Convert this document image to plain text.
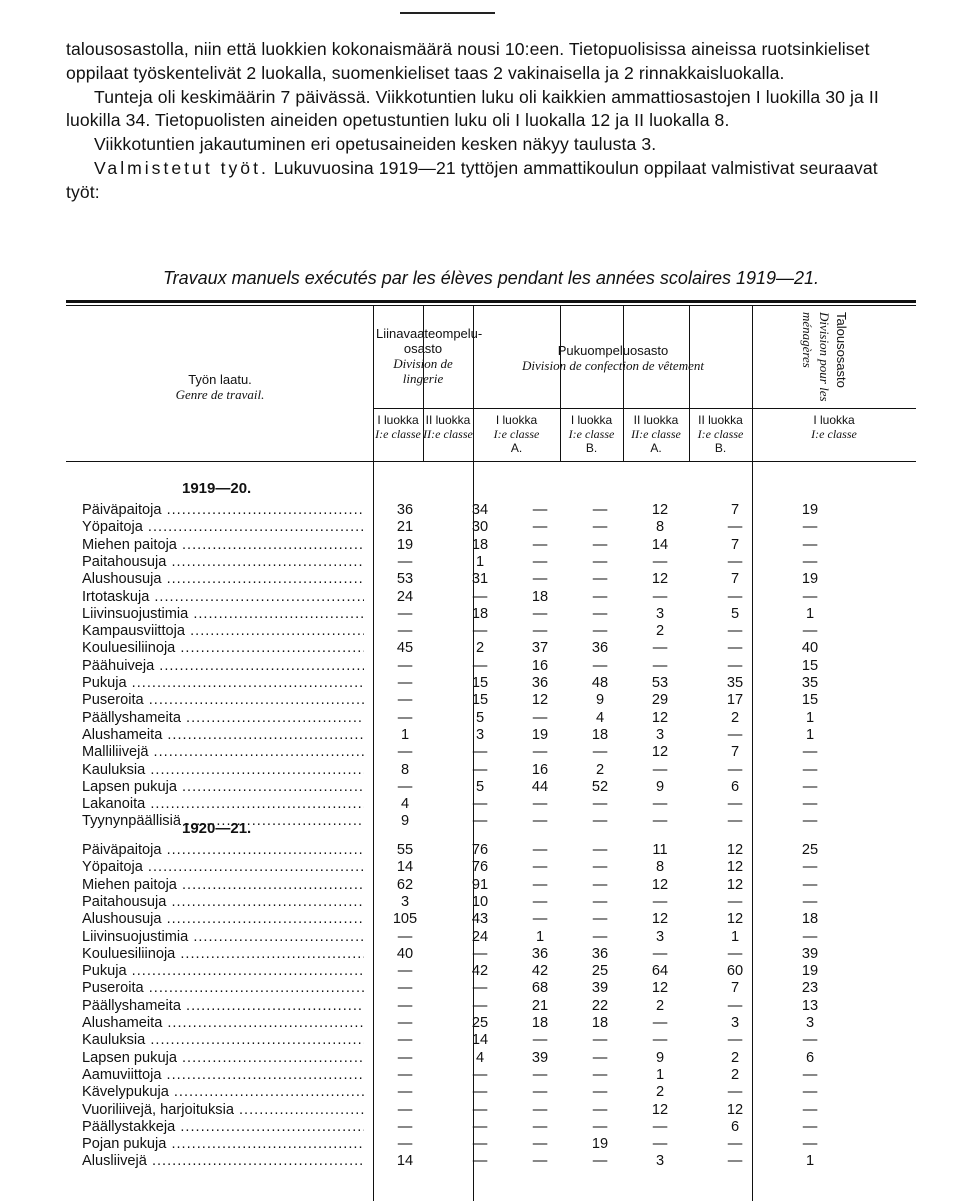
talousosastolla, niin että luokkien kokonaismäärä nousi 10:een. Tietopuolisissa aineissa ruotsinkieliset oppilaat työskentelivät 2 luokalla, suomenkieliset taas 2 vakinaisella ja 2 rinnakkaisluokalla.

Tunteja oli keskimäärin 7 päivässä. Viikkotuntien luku oli kaikkien ammattiosastojen I luokilla 30 ja II luokilla 34. Tietopuolisten aineiden opetustuntien luku oli I luokalla 12 ja II luokalla 8.

Viikkotuntien jakautuminen eri opetusaineiden kesken näkyy taulusta 3.

Valmistetut työt. Lukuvuosina 1919—21 tyttöjen ammattikoulun oppilaat valmistivat seuraavat työt:

Travaux manuels exécutés par les élèves pendant les années scolaires 1919—21.
Työn laatu.
Genre de travail.
Liinavaateompelu-osasto
Division de lingerie
Pukuompeluosasto
Division de confection de vêtement	Talousosasto
Division pour les ménagères
I luokka
I:e classe
II luokka
II:e classe
I luokka
I:e classe
A.
I luokka
I:e classe
B.
II luokka
II:e classe
A.
II luokka
I:e classe
B.
I luokka
I:e classe
1919—20.
Päiväpaitoja .....	36	34	—	—	12	7	19
Yöpaitoja .....	21	30	—	—	8	—	—
Miehen paitoja .....	19	18	—	—	14	7	—
Paitahousuja .....	—	1	—	—	—	—	—
Alushousuja .....	53	31	—	—	12	7	19
Irtotaskuja .....	24	—	18	—	—	—	—
Liivinsuojustimia .....	—	18	—	—	3	5	1
Kampausviittoja .....	—	—	—	—	2	—	—
Kouluesiliinoja .....	45	2	37	36	—	—	40
Päähuiveja .....	—	—	16	—	—	—	15
Pukuja .....	—	15	36	48	53	35	35
Puseroita .....	—	15	12	9	29	17	15
Päällyshameita .....	—	5	—	4	12	2	1
Alushameita .....	1	3	19	18	3	—	1
Malliliivejä .....	—	—	—	—	12	7	—
Kauluksia .....	8	—	16	2	—	—	—
Lapsen pukuja .....	—	5	44	52	9	6	—
Lakanoita .....	4	—	—	—	—	—	—
Tyynynpäällisiä .....	9	—	—	—	—	—	—
1920—21.
Päiväpaitoja .....	55	76	—	—	11	12	25
Yöpaitoja .....	14	76	—	—	8	12	—
Miehen paitoja .....	62	91	—	—	12	12	—
Paitahousuja .....	3	10	—	—	—	—	—
Alushousuja .....	105	43	—	—	12	12	18
Liivinsuojustimia .....	—	24	1	—	3	1	—
Kouluesiliinoja .....	40	—	36	36	—	—	39
Pukuja .....	—	42	42	25	64	60	19
Puseroita .....	—	—	68	39	12	7	23
Päällyshameita .....	—	—	21	22	2	—	13
Alushameita .....	—	25	18	18	—	3	3
Kauluksia .....	—	14	—	—	—	—	—
Lapsen pukuja .....	—	4	39	—	9	2	6
Aamuviittoja .....	—	—	—	—	1	2	—
Kävelypukuja .....	—	—	—	—	2	—	—
Vuoriliivejä, harjoituksia .....	—	—	—	—	12	12	—
Päällystakkeja .....	—	—	—	—	—	6	—
Pojan pukuja .....	—	—	—	19	—	—	—
Alusliivejä .....	14	—	—	—	3	—	1
